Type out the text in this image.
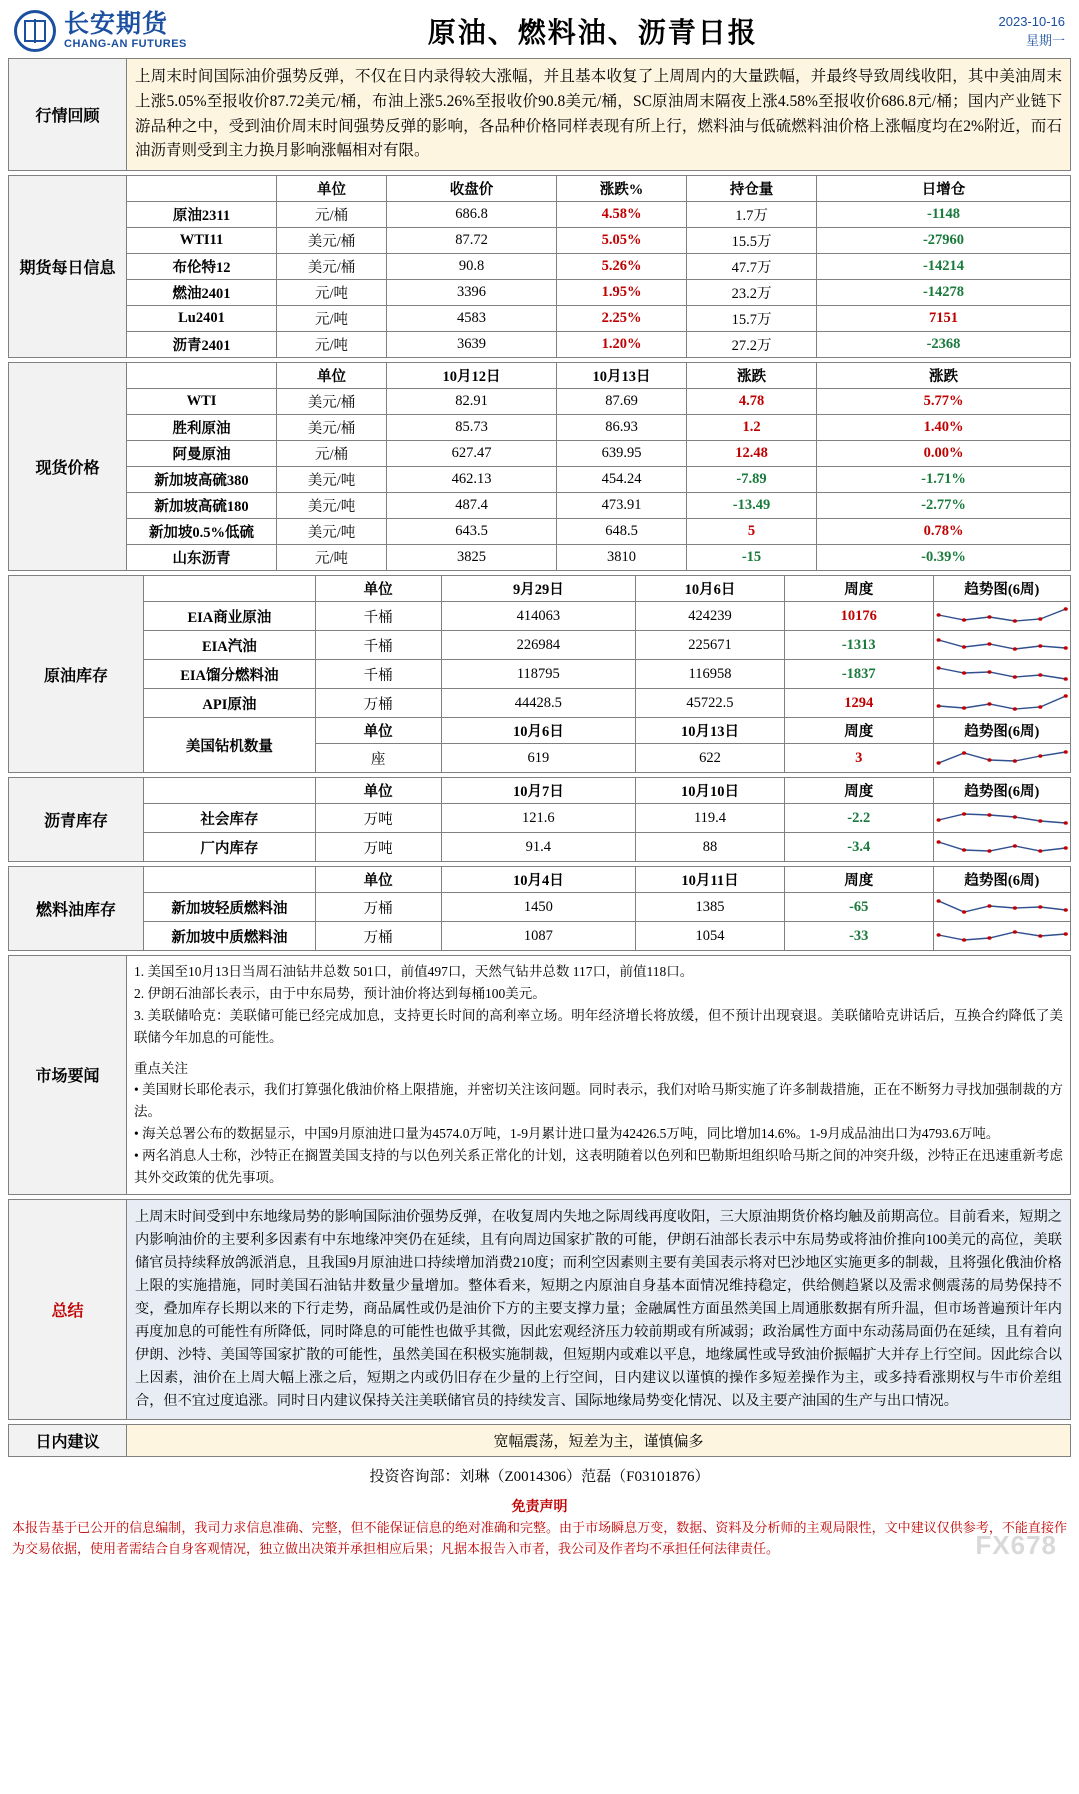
长安期货
CHANG-AN FUTURES	原油、燃料油、沥青日报	2023-10-16
星期一
行情回顾	上周末时间国际油价强势反弹，不仅在日内录得较大涨幅，并且基本收复了上周周内的大量跌幅，并最终导致周线收阳，其中美油周末上涨5.05%至报收价87.72美元/桶，布油上涨5.26%至报收价90.8美元/桶，SC原油周末隔夜上涨4.58%至报收价686.8元/桶；国内产业链下游品种之中，受到油价周末时间强势反弹的影响，各品种价格同样表现有所上行，燃料油与低硫燃料油价格上涨幅度均在2%附近，而石油沥青则受到主力换月影响涨幅相对有限。
期货每日信息		单位	收盘价	涨跌%	持仓量	日增仓
	原油2311	元/桶	686.8	4.58%	1.7万	-1148
	WTI11	美元/桶	87.72	5.05%	15.5万	-27960
	布伦特12	美元/桶	90.8	5.26%	47.7万	-14214
	燃油2401	元/吨	3396	1.95%	23.2万	-14278
	Lu2401	元/吨	4583	2.25%	15.7万	7151
	沥青2401	元/吨	3639	1.20%	27.2万	-2368
现货价格		单位	10月12日	10月13日	涨跌	涨跌
	WTI	美元/桶	82.91	87.69	4.78	5.77%
	胜利原油	美元/桶	85.73	86.93	1.2	1.40%
	阿曼原油	元/桶	627.47	639.95	12.48	0.00%
	新加坡高硫380	美元/吨	462.13	454.24	-7.89	-1.71%
	新加坡高硫180	美元/吨	487.4	473.91	-13.49	-2.77%
	新加坡0.5%低硫	美元/吨	643.5	648.5	5	0.78%
	山东沥青	元/吨	3825	3810	-15	-0.39%
原油库存		单位	9月29日	10月6日	周度	趋势图(6周)
	EIA商业原油	千桶	414063	424239	10176	

	EIA汽油	千桶	226984	225671	-1313	

	EIA馏分燃料油	千桶	118795	116958	-1837	

	API原油	万桶	44428.5	45722.5	1294	

	美国钻机数量	单位	10月6日	10月13日	周度	趋势图(6周)
		座	619	622	3	
沥青库存		单位	10月7日	10月10日	周度	趋势图(6周)
	社会库存	万吨	121.6	119.4	-2.2	

	厂内库存	万吨	91.4	88	-3.4	
燃料油库存		单位	10月4日	10月11日	周度	趋势图(6周)
	新加坡轻质燃料油	万桶	1450	1385	-65	

	新加坡中质燃料油	万桶	1087	1054	-33	
市场要闻	

1. 美国至10月13日当周石油钻井总数 501口，前值497口，天然气钻井总数 117口，前值118口。

2. 伊朗石油部长表示，由于中东局势，预计油价将达到每桶100美元。

3. 美联储哈克：美联储可能已经完成加息，支持更长时间的高利率立场。明年经济增长将放缓，但不预计出现衰退。美联储哈克讲话后，互换合约降低了美联储今年加息的可能性。

重点关注

• 美国财长耶伦表示，我们打算强化俄油价格上限措施，并密切关注该问题。同时表示，我们对哈马斯实施了许多制裁措施，正在不断努力寻找加强制裁的方法。

• 海关总署公布的数据显示，中国9月原油进口量为4574.0万吨，1-9月累计进口量为42426.5万吨，同比增加14.6%。1-9月成品油出口为4793.6万吨。

• 两名消息人士称，沙特正在搁置美国支持的与以色列关系正常化的计划，这表明随着以色列和巴勒斯坦组织哈马斯之间的冲突升级，沙特正在迅速重新考虑其外交政策的优先事项。

总结	上周末时间受到中东地缘局势的影响国际油价强势反弹，在收复周内失地之际周线再度收阳，三大原油期货价格均触及前期高位。目前看来，短期之内影响油价的主要利多因素有中东地缘冲突仍在延续，且有向周边国家扩散的可能，伊朗石油部长表示中东局势或将油价推向100美元的高位，美联储官员持续释放鸽派消息，且我国9月原油进口持续增加消费210度；而利空因素则主要有美国表示将对巴沙地区实施更多的制裁，且将强化俄油价格上限的实施措施，同时美国石油钻井数量少量增加。整体看来，短期之内原油自身基本面情况维持稳定，供给侧趋紧以及需求侧震荡的局势保持不变，叠加库存长期以来的下行走势，商品属性或仍是油价下方的主要支撑力量；金融属性方面虽然美国上周通胀数据有所升温，但市场普遍预计年内再度加息的可能性有所降低，同时降息的可能性也做乎其微，因此宏观经济压力较前期或有所减弱；政治属性方面中东动荡局面仍在延续，且有着向伊朗、沙特、美国等国家扩散的可能性，虽然美国在积极实施制裁，但短期内或难以平息，地缘属性或导致油价振幅扩大并存上行空间。因此综合以上因素，油价在上周大幅上涨之后，短期之内或仍旧存在少量的上行空间，日内建议以谨慎的操作多短差操作为主，或多持看涨期权与牛市价差组合，但不宜过度追涨。同时日内建议保持关注美联储官员的持续发言、国际地缘局势变化情况、以及主要产油国的生产与出口情况。
日内建议	宽幅震荡，短差为主，谨慎偏多
投资咨询部：刘琳（Z0014306）范磊（F03101876）
免责声明
本报告基于已公开的信息编制，我司力求信息准确、完整，但不能保证信息的绝对准确和完整。由于市场瞬息万变，数据、资料及分析师的主观局限性，文中建议仅供参考，不能直接作为交易依据，使用者需结合自身客观情况，独立做出决策并承担相应后果；凡据本报告入市者，我公司及作者均不承担任何法律责任。	FX678
